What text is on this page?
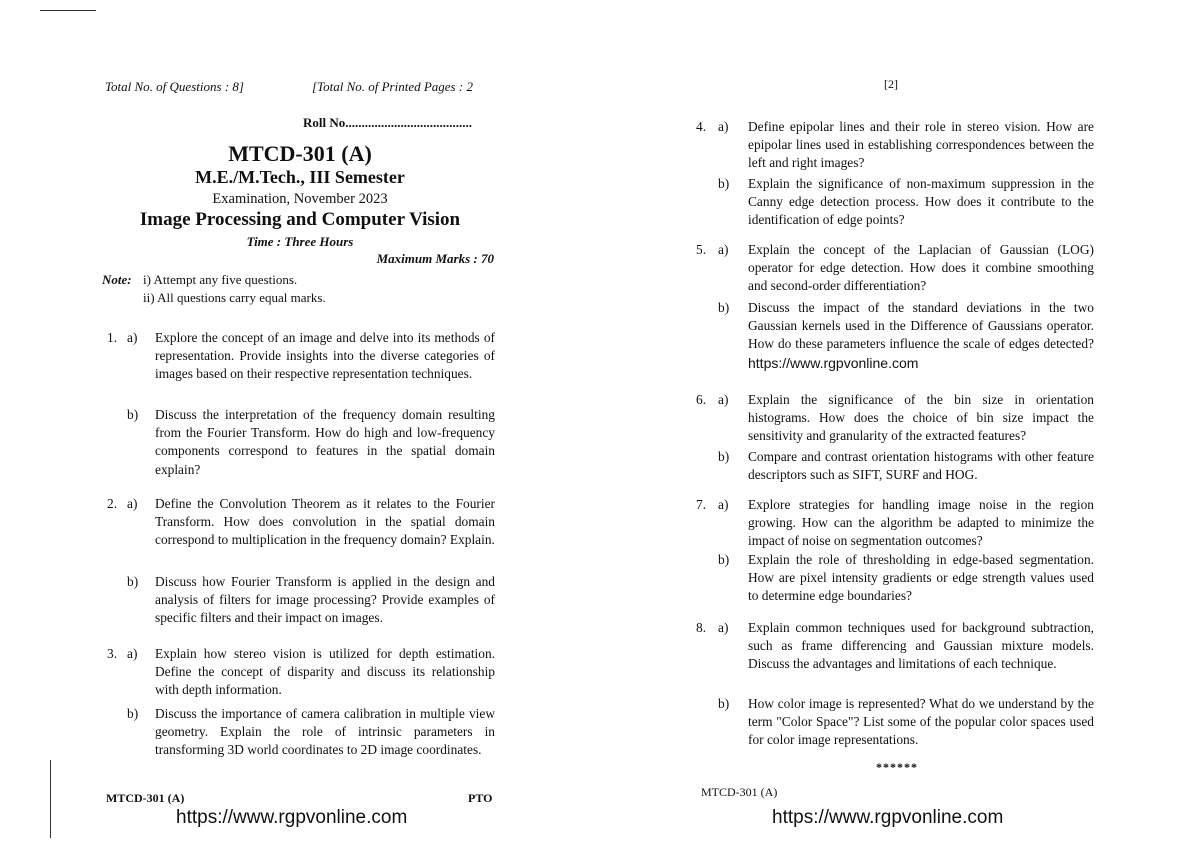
Total No. of Questions : 8]	[Total No. of Printed Pages : 2
Roll No.......................................
MTCD-301 (A)
M.E./M.Tech., III Semester
Examination, November 2023
Image Processing and Computer Vision
Time : Three Hours
Maximum Marks : 70
Note: i) Attempt any five questions.
ii) All questions carry equal marks.
1. a) Explore the concept of an image and delve into its methods of representation. Provide insights into the diverse categories of images based on their respective representation techniques.
b) Discuss the interpretation of the frequency domain resulting from the Fourier Transform. How do high and low-frequency components correspond to features in the spatial domain explain?
2. a) Define the Convolution Theorem as it relates to the Fourier Transform. How does convolution in the spatial domain correspond to multiplication in the frequency domain? Explain.
b) Discuss how Fourier Transform is applied in the design and analysis of filters for image processing? Provide examples of specific filters and their impact on images.
3. a) Explain how stereo vision is utilized for depth estimation. Define the concept of disparity and discuss its relationship with depth information.
b) Discuss the importance of camera calibration in multiple view geometry. Explain the role of intrinsic parameters in transforming 3D world coordinates to 2D image coordinates.
MTCD-301 (A)	PTO
https://www.rgpvonline.com
[2]
4. a) Define epipolar lines and their role in stereo vision. How are epipolar lines used in establishing correspondences between the left and right images?
b) Explain the significance of non-maximum suppression in the Canny edge detection process. How does it contribute to the identification of edge points?
5. a) Explain the concept of the Laplacian of Gaussian (LOG) operator for edge detection. How does it combine smoothing and second-order differentiation?
b) Discuss the impact of the standard deviations in the two Gaussian kernels used in the Difference of Gaussians operator. How do these parameters influence the scale of edges detected? https://www.rgpvonline.com
6. a) Explain the significance of the bin size in orientation histograms. How does the choice of bin size impact the sensitivity and granularity of the extracted features?
b) Compare and contrast orientation histograms with other feature descriptors such as SIFT, SURF and HOG.
7. a) Explore strategies for handling image noise in the region growing. How can the algorithm be adapted to minimize the impact of noise on segmentation outcomes?
b) Explain the role of thresholding in edge-based segmentation. How are pixel intensity gradients or edge strength values used to determine edge boundaries?
8. a) Explain common techniques used for background subtraction, such as frame differencing and Gaussian mixture models. Discuss the advantages and limitations of each technique.
b) How color image is represented? What do we understand by the term "Color Space"? List some of the popular color spaces used for color image representations.
******
MTCD-301 (A)
https://www.rgpvonline.com
